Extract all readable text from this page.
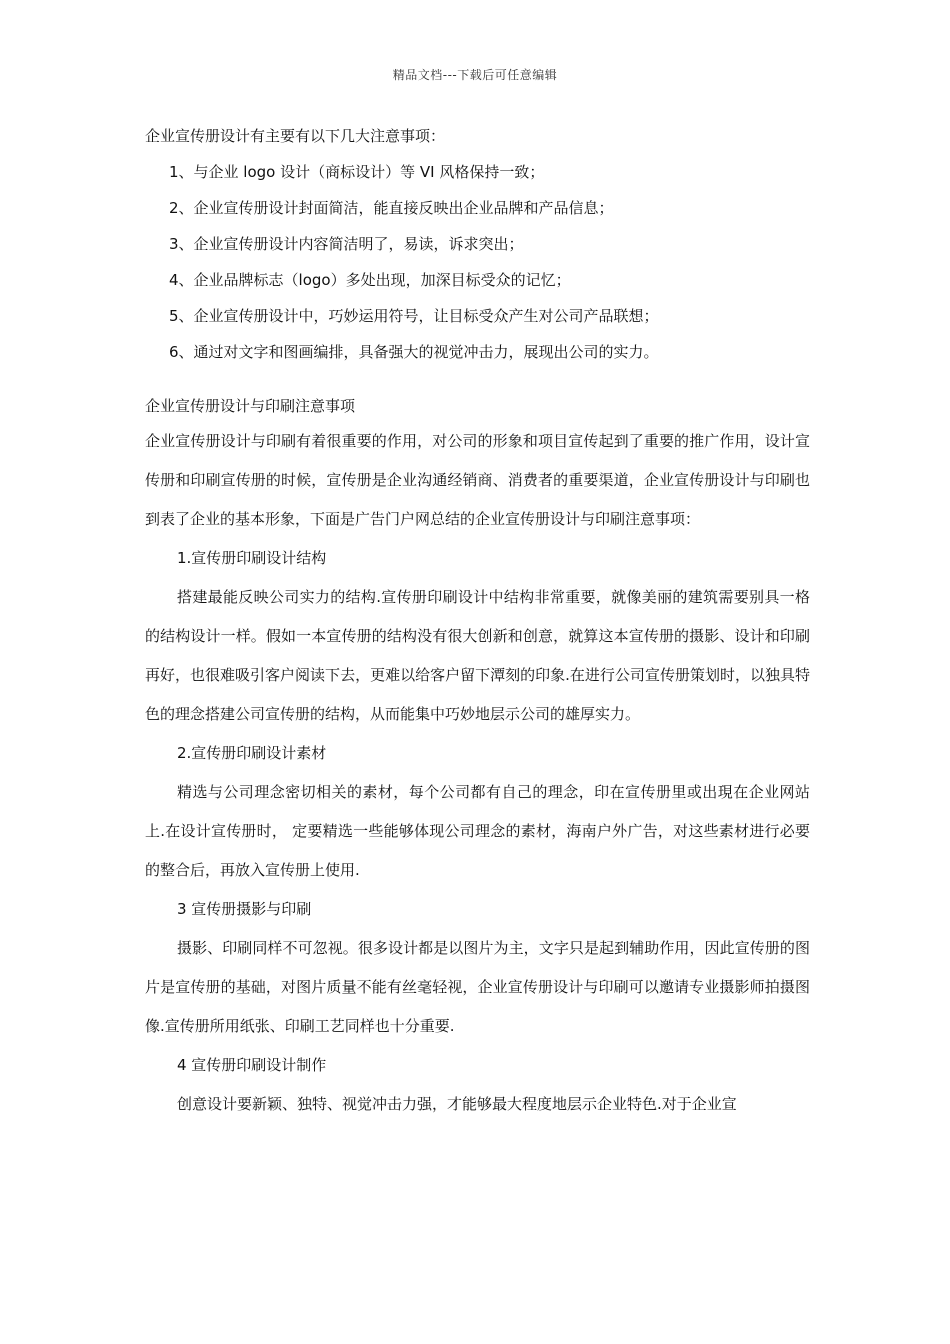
精品文档---下载后可任意编辑

企业宣传册设计有主要有以下几大注意事项：

1、与企业 logo 设计（商标设计）等 VI 风格保持一致；

2、企业宣传册设计封面简洁，能直接反映出企业品牌和产品信息；

3、企业宣传册设计内容简洁明了，易读，诉求突出；

4、企业品牌标志（logo）多处出现，加深目标受众的记忆；

5、企业宣传册设计中，巧妙运用符号，让目标受众产生对公司产品联想；

6、通过对文字和图画编排，具备强大的视觉冲击力，展现出公司的实力。

企业宣传册设计与印刷注意事项

企业宣传册设计与印刷有着很重要的作用，对公司的形象和项目宣传起到了重要的推广作用，设计宣传册和印刷宣传册的时候，宣传册是企业沟通经销商、消费者的重要渠道，企业宣传册设计与印刷也到表了企业的基本形象，下面是广告门户网总结的企业宣传册设计与印刷注意事项：

1.宣传册印刷设计结构

搭建最能反映公司实力的结构.宣传册印刷设计中结构非常重要，就像美丽的建筑需要别具一格的结构设计一样。假如一本宣传册的结构没有很大创新和创意，就算这本宣传册的摄影、设计和印刷再好，也很难吸引客户阅读下去，更难以给客户留下潭刻的印象.在进行公司宣传册策划时，以独具特色的理念搭建公司宣传册的结构，从而能集中巧妙地层示公司的雄厚实力。

2.宣传册印刷设计素材

精选与公司理念密切相关的素材，每个公司都有自己的理念，印在宣传册里或出現在企业网站上.在设计宣传册时， 定要精选一些能够体现公司理念的素材，海南户外广告，对这些素材进行必要的整合后，再放入宣传册上使用.

3 宣传册摄影与印刷

摄影、印刷同样不可忽视。很多设计都是以图片为主，文字只是起到辅助作用，因此宣传册的图片是宣传册的基础，对图片质量不能有丝毫轻视，企业宣传册设计与印刷可以邀请专业摄影师拍摄图像.宣传册所用纸张、印刷工艺同样也十分重要.

4 宣传册印刷设计制作

创意设计要新颖、独特、视觉冲击力强，才能够最大程度地层示企业特色.对于企业宣
